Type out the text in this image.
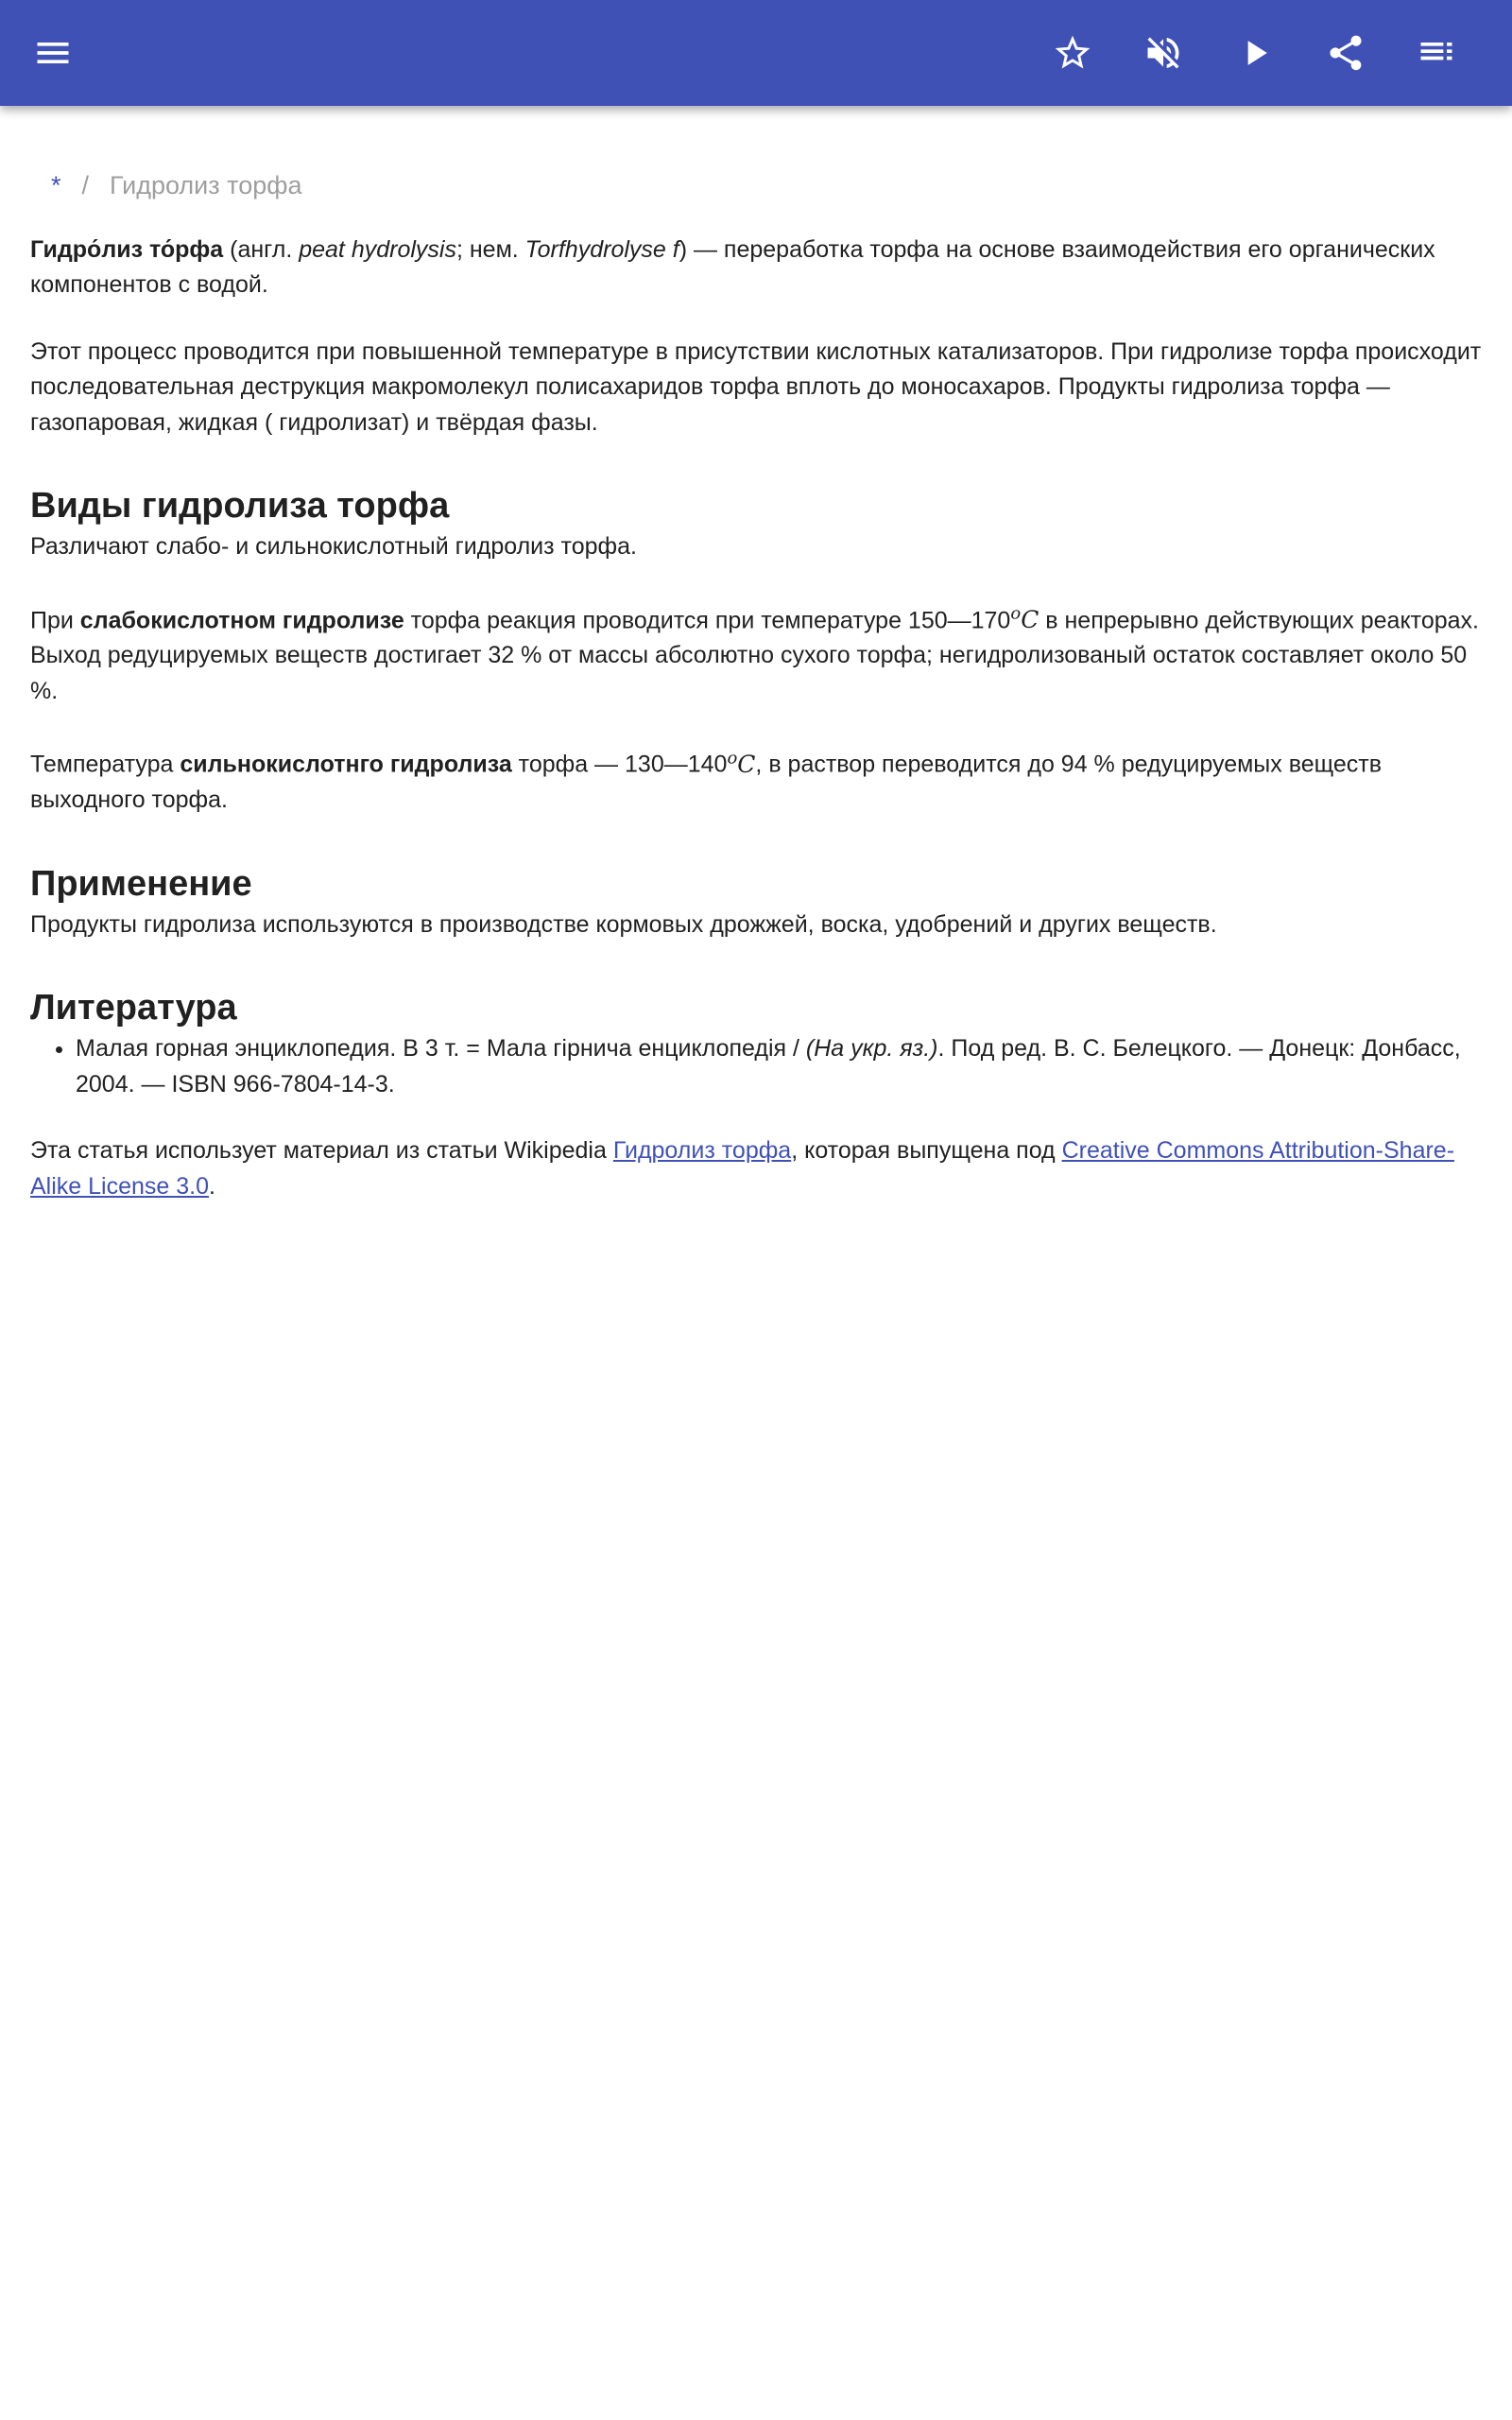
* / Гидролиз торфа

Гидро́лиз то́рфа (англ. peat hydrolysis; нем. Torfhydrolyse f) — переработка торфа на основе взаимодействия его органических компонентов с водой.

Этот процесс проводится при повышенной температуре в присутствии кислотных катализаторов. При гидролизе торфа происходит последовательная деструкция макромолекул полисахаридов торфа вплоть до моносахаров. Продукты гидролиза торфа — газопаровая, жидкая ( гидролизат) и твёрдая фазы.

Виды гидролиза торфа

Различают слабо- и сильнокислотный гидролиз торфа.

При слабокислотном гидролизе торфа реакция проводится при температуре 150—170$^o$C в непрерывно действующих реакторах. Выход редуцируемых веществ достигает 32 % от массы абсолютно сухого торфа; негидролизованый остаток составляет около 50 %.

Температура сильнокислотнго гидролиза торфа — 130—140$^o$C, в раствор переводится до 94 % редуцируемых веществ выходного торфа.

Применение

Продукты гидролиза используются в производстве кормовых дрожжей, воска, удобрений и других веществ.

Литература
• Малая горная энциклопедия. В 3 т. = Мала гірнича енциклопедія / (На укр. яз.). Под ред. В. С. Белецкого. — Донецк: Донбасс, 2004. — ISBN 966-7804-14-3.

Эта статья использует материал из статьи Wikipedia Гидролиз торфа, которая выпущена под Creative Commons Attribution-Share-Alike License 3.0.
